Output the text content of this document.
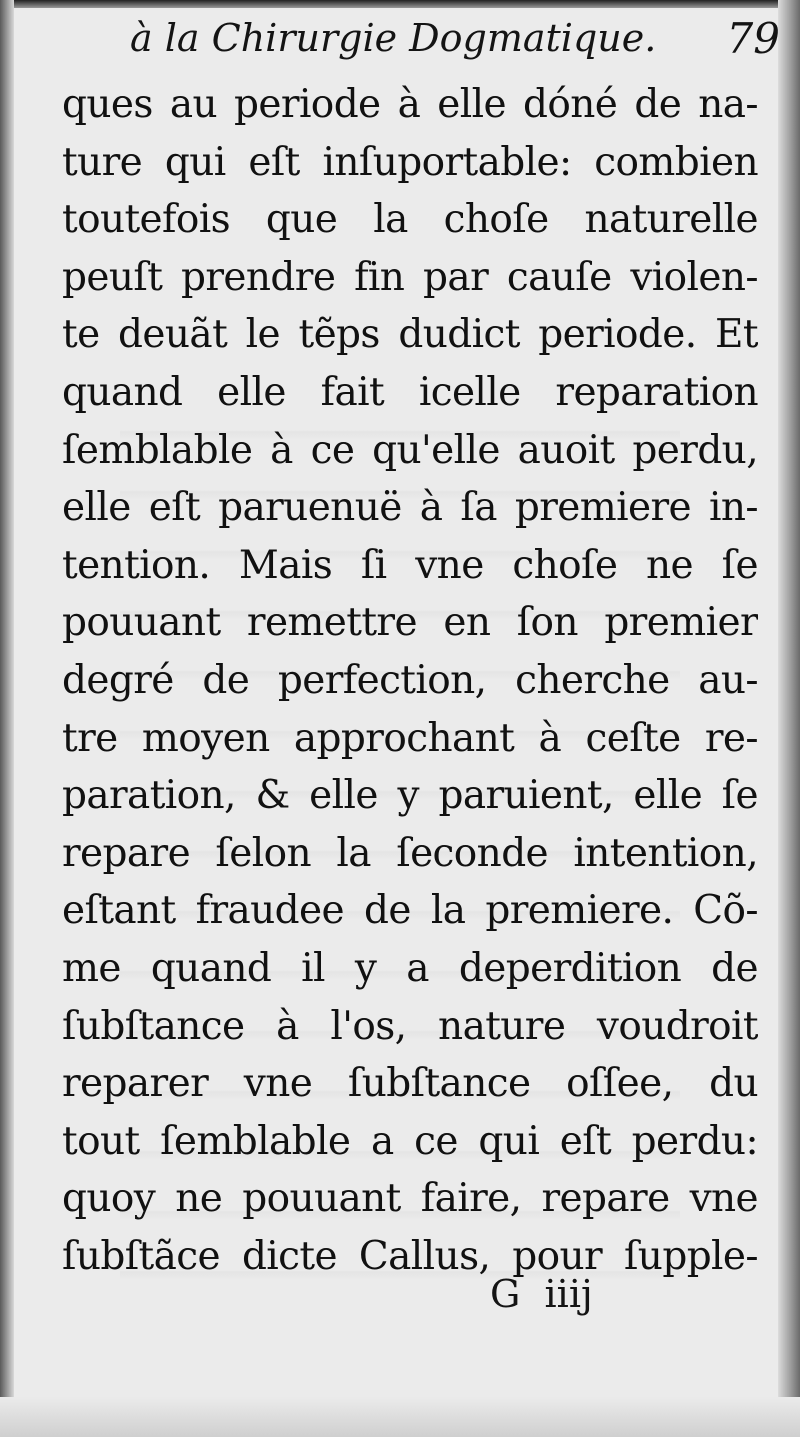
à la Chirurgie Dogmatique. 79
ques au periode à elle dóné de na-
ture qui eſt inſuportable: combien
toutefois que la choſe naturelle
peuſt prendre fin par cauſe violen-
te deuãt le tẽps dudict periode. Et
quand elle fait icelle reparation
ſemblable à ce qu'elle auoit perdu,
elle eſt paruenuë à ſa premiere in-
tention. Mais ſi vne choſe ne ſe
pouuant remettre en ſon premier
degré de perfection, cherche au-
tre moyen approchant à ceſte re-
paration, & elle y paruient, elle ſe
repare ſelon la ſeconde intention,
eſtant fraudee de la premiere. Cõ-
me quand il y a deperdition de
ſubſtance à l'os, nature voudroit
reparer vne ſubſtance oſſee, du
tout ſemblable a ce qui eſt perdu:
quoy ne pouuant faire, repare vne
ſubſtãce dicte Callus, pour ſupple-
G  iiij
